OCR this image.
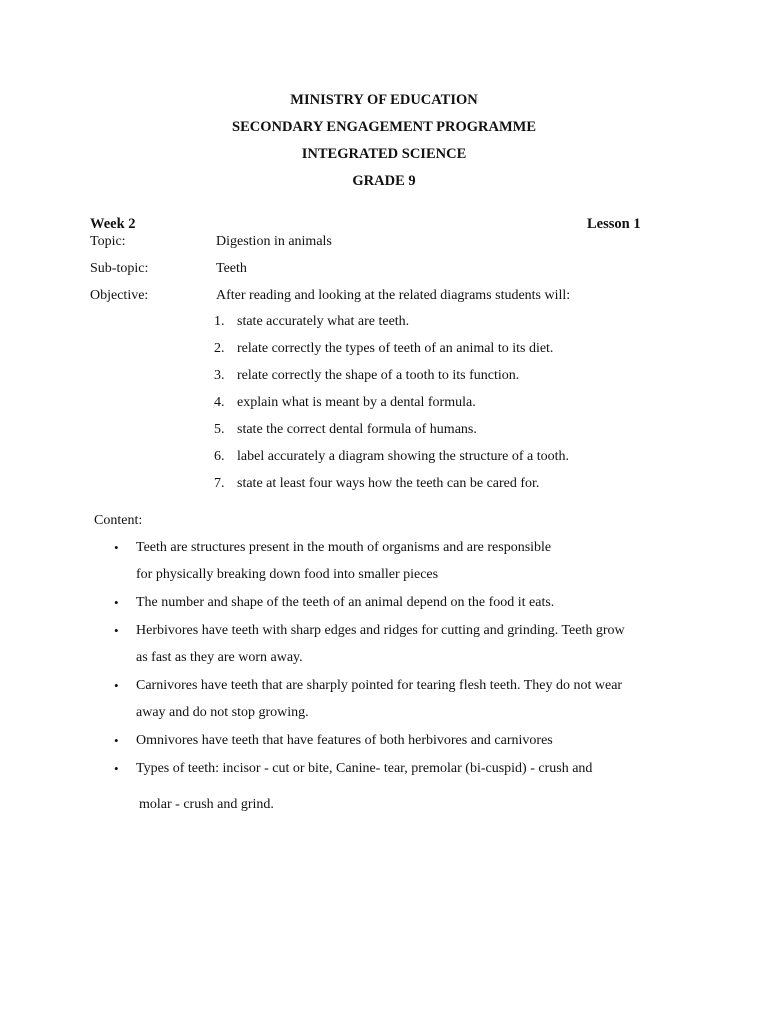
MINISTRY OF EDUCATION
SECONDARY ENGAGEMENT PROGRAMME
INTEGRATED SCIENCE
GRADE 9
Week 2	Lesson 1
Topic:	Digestion in animals
Sub-topic:	Teeth
Objective:	After reading and looking at the related diagrams students will:
1. state accurately what are teeth.
2. relate correctly the types of teeth of an animal to its diet.
3. relate correctly the shape of a tooth to its function.
4. explain what is meant by a dental formula.
5. state the correct dental formula of humans.
6. label accurately a diagram showing the structure of a tooth.
7. state at least four ways how the teeth can be cared for.
Content:
• Teeth are structures present in the mouth of organisms and are responsible
for physically breaking down food into smaller pieces
• The number and shape of the teeth of an animal depend on the food it eats.
• Herbivores have teeth with sharp edges and ridges for cutting and grinding. Teeth grow
as fast as they are worn away.
• Carnivores have teeth that are sharply pointed for tearing flesh teeth. They do not wear
away and do not stop growing.
• Omnivores have teeth that have features of both herbivores and carnivores
• Types of teeth: incisor - cut or bite, Canine- tear, premolar (bi-cuspid) - crush and
molar - crush and grind.
